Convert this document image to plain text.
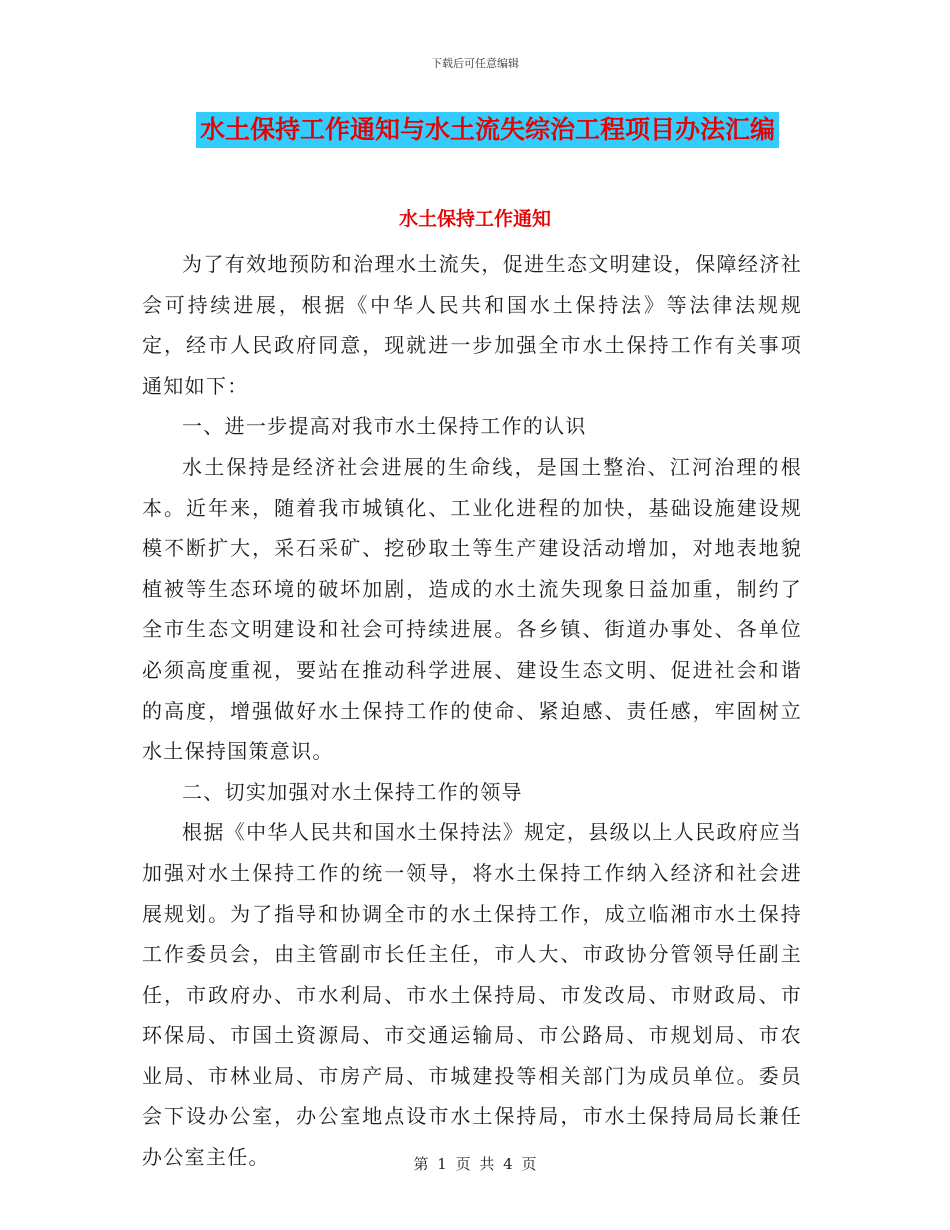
下载后可任意编辑
水土保持工作通知与水土流失综治工程项目办法汇编
水土保持工作通知

为了有效地预防和治理水土流失，促进生态文明建设，保障经济社会可持续进展，根据《中华人民共和国水土保持法》等法律法规规定，经市人民政府同意，现就进一步加强全市水土保持工作有关事项通知如下：

一、进一步提高对我市水土保持工作的认识

水土保持是经济社会进展的生命线，是国土整治、江河治理的根本。近年来，随着我市城镇化、工业化进程的加快，基础设施建设规模不断扩大，采石采矿、挖砂取土等生产建设活动增加，对地表地貌植被等生态环境的破坏加剧，造成的水土流失现象日益加重，制约了全市生态文明建设和社会可持续进展。各乡镇、街道办事处、各单位必须高度重视，要站在推动科学进展、建设生态文明、促进社会和谐的高度，增强做好水土保持工作的使命、紧迫感、责任感，牢固树立水土保持国策意识。

二、切实加强对水土保持工作的领导

根据《中华人民共和国水土保持法》规定，县级以上人民政府应当加强对水土保持工作的统一领导，将水土保持工作纳入经济和社会进展规划。为了指导和协调全市的水土保持工作，成立临湘市水土保持工作委员会，由主管副市长任主任，市人大、市政协分管领导任副主任，市政府办、市水利局、市水土保持局、市发改局、市财政局、市环保局、市国土资源局、市交通运输局、市公路局、市规划局、市农业局、市林业局、市房产局、市城建投等相关部门为成员单位。委员会下设办公室，办公室地点设市水土保持局，市水土保持局局长兼任办公室主任。	第 1 页 共 4 页
